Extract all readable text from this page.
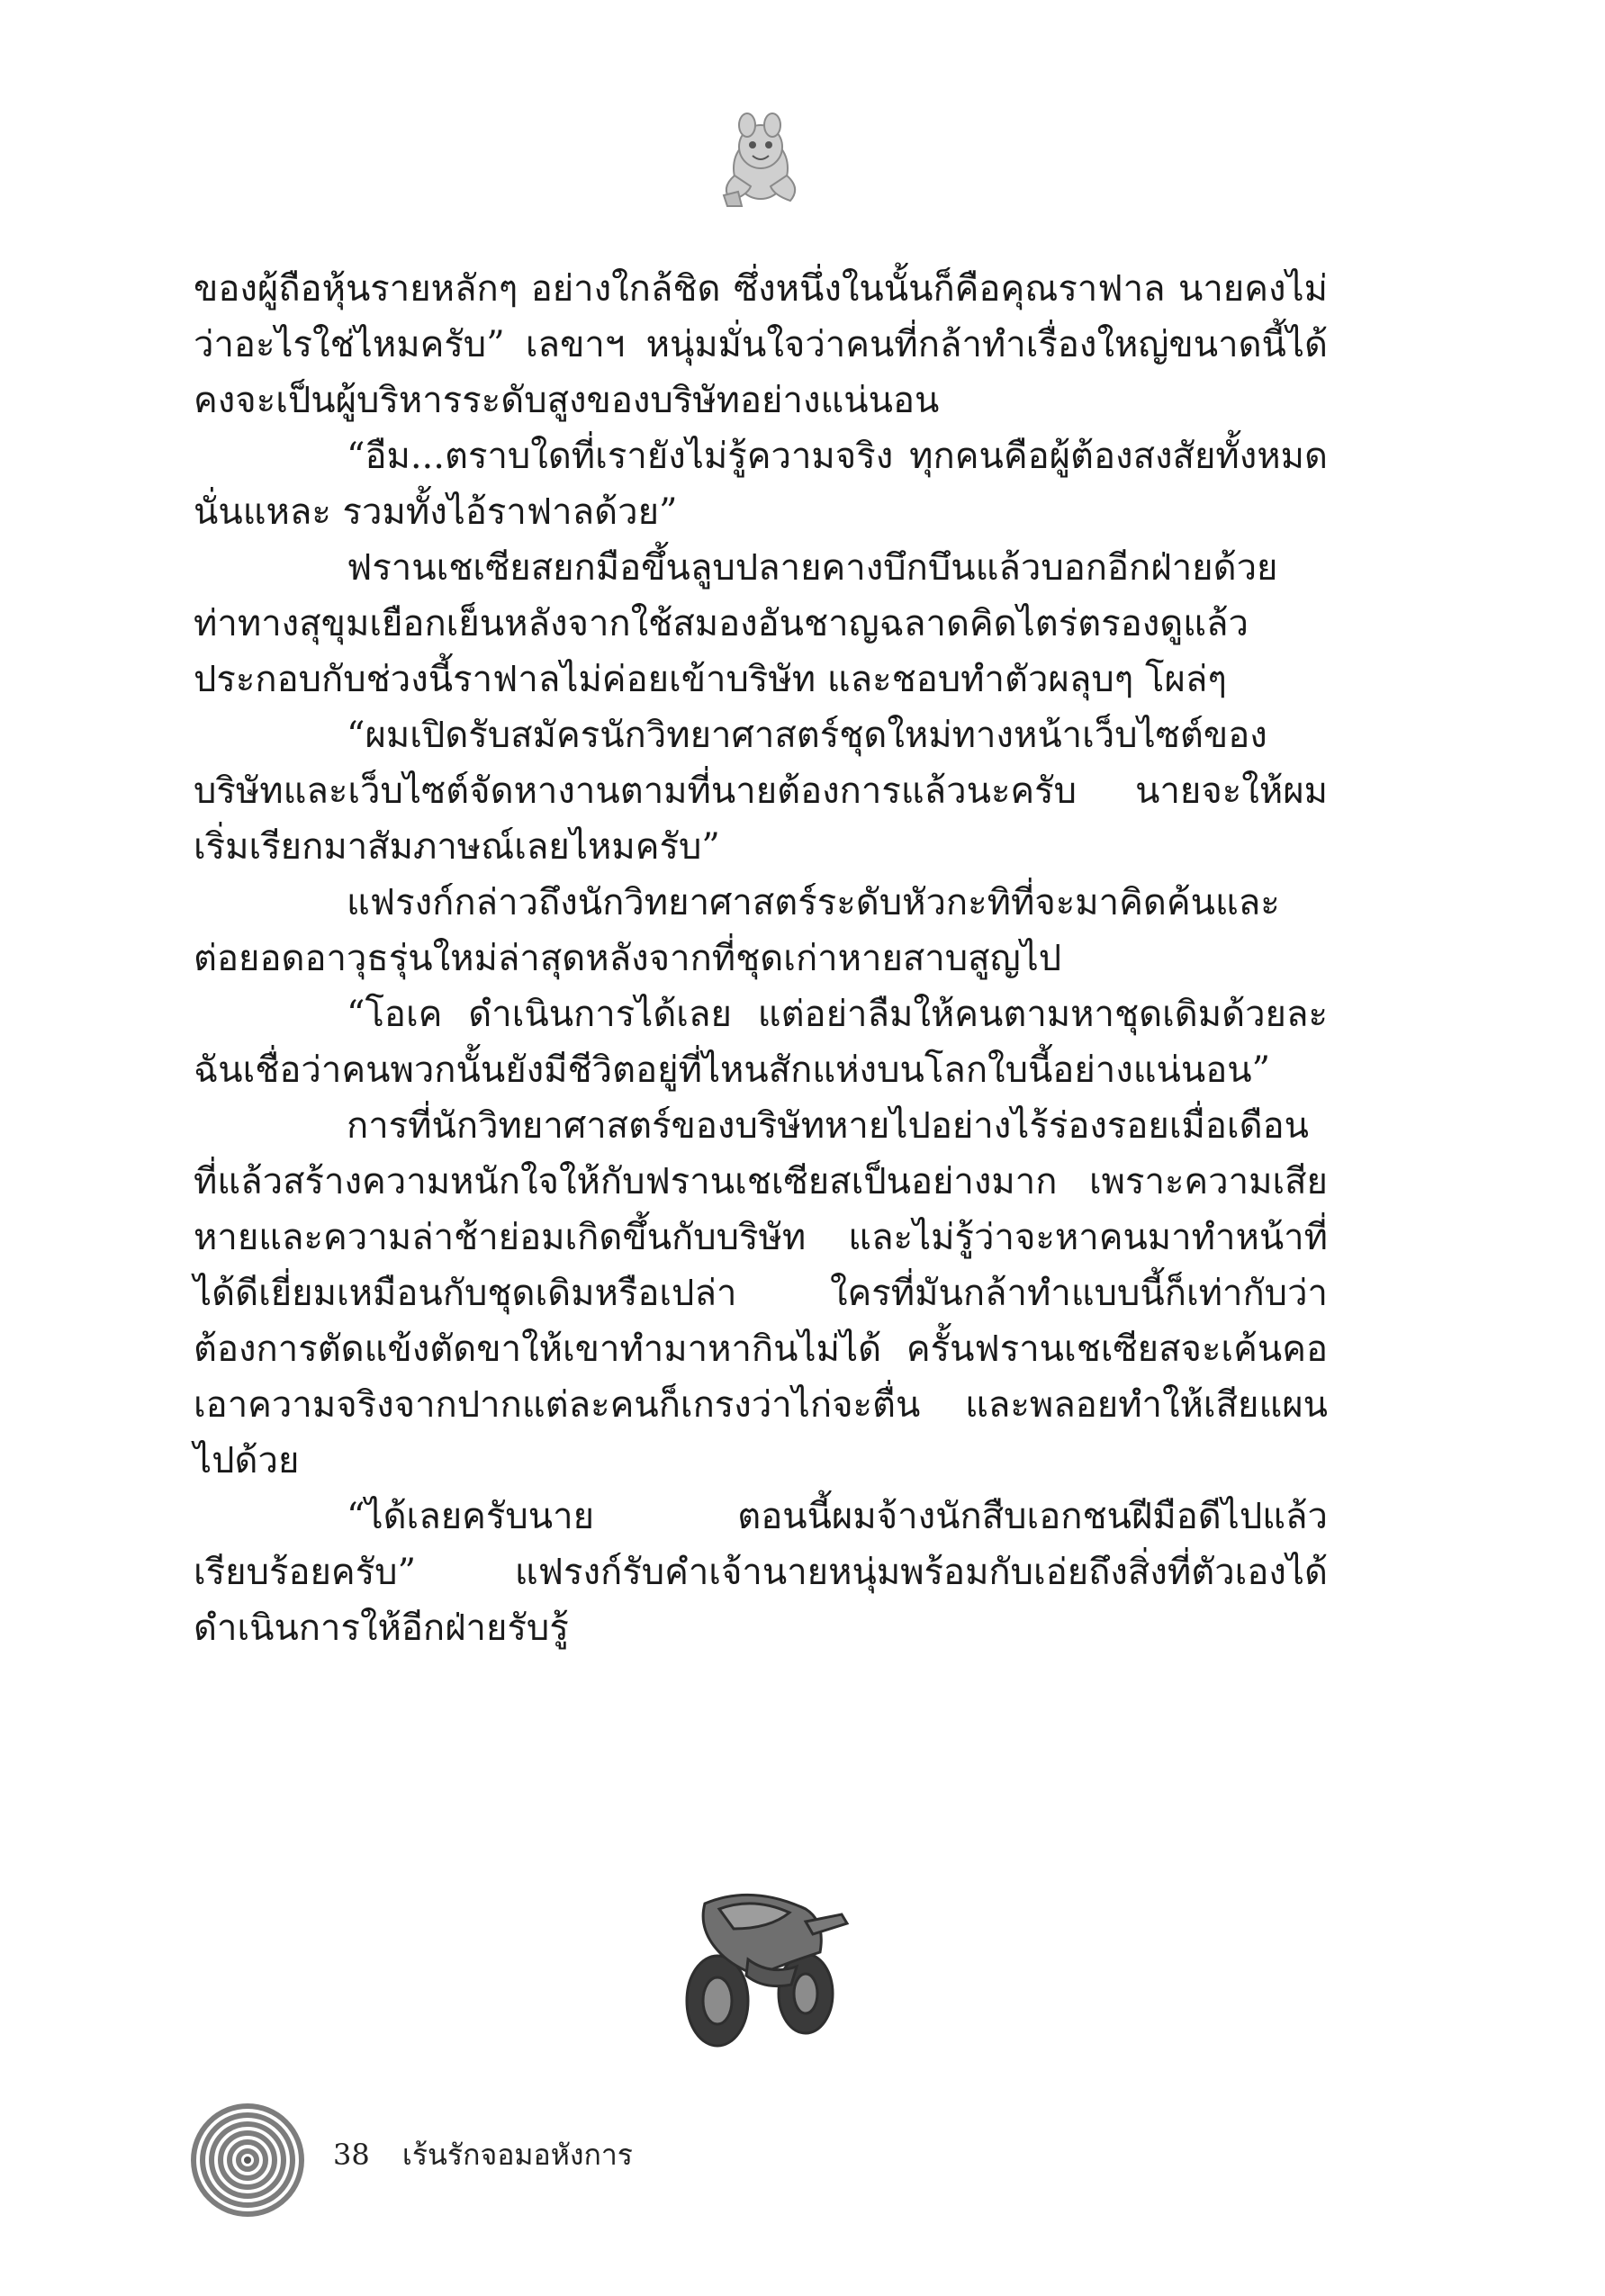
ของผู้ถือหุ้นรายหลักๆ อย่างใกล้ชิด ซึ่งหนึ่งในนั้นก็คือคุณราฟาล นายคงไม่ว่าอะไรใช่ไหมครับ” เลขาฯ หนุ่มมั่นใจว่าคนที่กล้าทำเรื่องใหญ่ขนาดนี้ได้คงจะเป็นผู้บริหารระดับสูงของบริษัทอย่างแน่นอน

“อืม...ตราบใดที่เรายังไม่รู้ความจริง ทุกคนคือผู้ต้องสงสัยทั้งหมดนั่นแหละ รวมทั้งไอ้ราฟาลด้วย”

ฟรานเชเซียสยกมือขึ้นลูบปลายคางบึกบึนแล้วบอกอีกฝ่ายด้วยท่าทางสุขุมเยือกเย็นหลังจากใช้สมองอันชาญฉลาดคิดไตร่ตรองดูแล้วประกอบกับช่วงนี้ราฟาลไม่ค่อยเข้าบริษัท และชอบทำตัวผลุบๆ โผล่ๆ

“ผมเปิดรับสมัครนักวิทยาศาสตร์ชุดใหม่ทางหน้าเว็บไซต์ของบริษัทและเว็บไซต์จัดหางานตามที่นายต้องการแล้วนะครับ นายจะให้ผมเริ่มเรียกมาสัมภาษณ์เลยไหมครับ”

แฟรงก์กล่าวถึงนักวิทยาศาสตร์ระดับหัวกะทิที่จะมาคิดค้นและต่อยอดอาวุธรุ่นใหม่ล่าสุดหลังจากที่ชุดเก่าหายสาบสูญไป

“โอเค ดำเนินการได้เลย แต่อย่าลืมให้คนตามหาชุดเดิมด้วยละฉันเชื่อว่าคนพวกนั้นยังมีชีวิตอยู่ที่ไหนสักแห่งบนโลกใบนี้อย่างแน่นอน”

การที่นักวิทยาศาสตร์ของบริษัทหายไปอย่างไร้ร่องรอยเมื่อเดือนที่แล้วสร้างความหนักใจให้กับฟรานเชเซียสเป็นอย่างมาก เพราะความเสียหายและความล่าช้าย่อมเกิดขึ้นกับบริษัท และไม่รู้ว่าจะหาคนมาทำหน้าที่ได้ดีเยี่ยมเหมือนกับชุดเดิมหรือเปล่า ใครที่มันกล้าทำแบบนี้ก็เท่ากับว่าต้องการตัดแข้งตัดขาให้เขาทำมาหากินไม่ได้ ครั้นฟรานเชเซียสจะเค้นคอเอาความจริงจากปากแต่ละคนก็เกรงว่าไก่จะตื่น และพลอยทำให้เสียแผนไปด้วย

“ได้เลยครับนาย ตอนนี้ผมจ้างนักสืบเอกชนฝีมือดีไปแล้วเรียบร้อยครับ” แฟรงก์รับคำเจ้านายหนุ่มพร้อมกับเอ่ยถึงสิ่งที่ตัวเองได้ดำเนินการให้อีกฝ่ายรับรู้

38 เร้นรักจอมอหังการ
